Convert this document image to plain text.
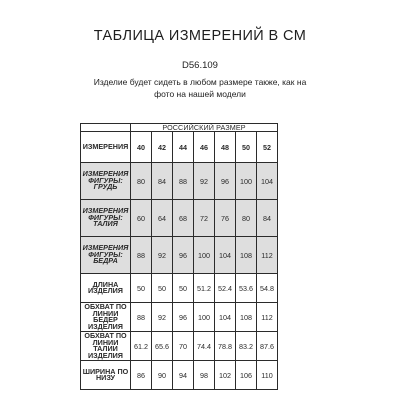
ТАБЛИЦА ИЗМЕРЕНИЙ В СМ
D56.109
Изделие будет сидеть в любом размере также, как на
фото на нашей модели
	РОССИЙСКИЙ РАЗМЕР						
ИЗМЕРЕНИЯ	40	42	44	46	48	50	52

ИЗМЕРЕНИЯ
ФИГУРЫ: ГРУДЬ	80	84	88	92	96	100	104

ИЗМЕРЕНИЯ
ФИГУРЫ: ТАЛИЯ	60	64	68	72	76	80	84

ИЗМЕРЕНИЯ
ФИГУРЫ: БЕДРА	88	92	96	100	104	108	112

ДЛИНА ИЗДЕЛИЯ	50	50	50	51.2	52.4	53.6	54.8

ОБХВАТ ПО
ЛИНИИ БЕДЕР
ИЗДЕЛИЯ	88	92	96	100	104	108	112

ОБХВАТ ПО
ЛИНИИ ТАЛИИ
ИЗДЕЛИЯ	61.2	65.6	70	74.4	78.8	83.2	87.6

ШИРИНА ПО
НИЗУ	86	90	94	98	102	106	110
